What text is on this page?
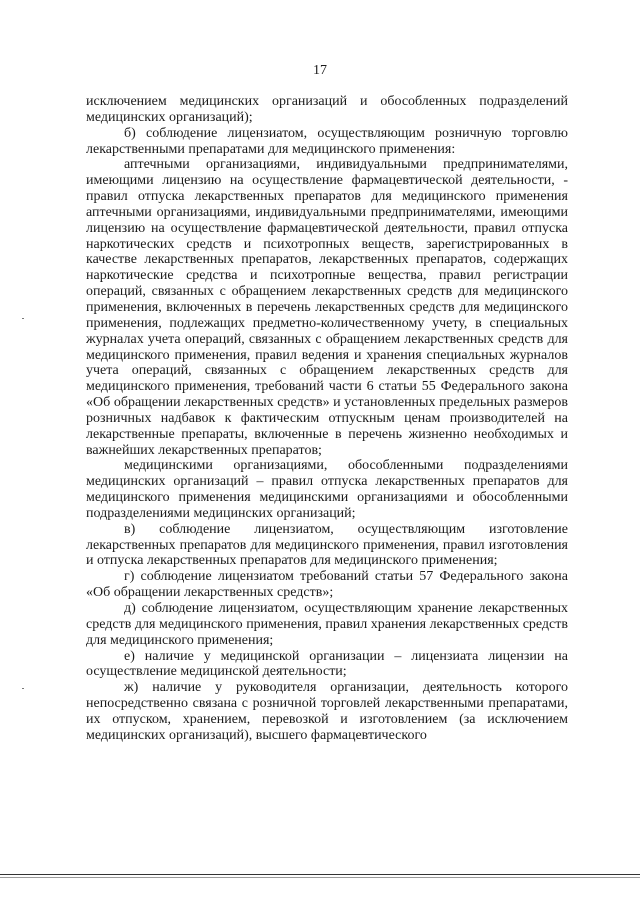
17

исключением медицинских организаций и обособленных подразделений медицинских организаций);

б) соблюдение лицензиатом, осуществляющим розничную торговлю лекарственными препаратами для медицинского применения:

аптечными организациями, индивидуальными предпринимателями, имеющими лицензию на осуществление фармацевтической деятельности, - правил отпуска лекарственных препаратов для медицинского применения аптечными организациями, индивидуальными предпринимателями, имеющими лицензию на осуществление фармацевтической деятельности, правил отпуска наркотических средств и психотропных веществ, зарегистрированных в качестве лекарственных препаратов, лекарственных препаратов, содержащих наркотические средства и психотропные вещества, правил регистрации операций, связанных с обращением лекарственных средств для медицинского применения, включенных в перечень лекарственных средств для медицинского применения, подлежащих предметно-количественному учету, в специальных журналах учета операций, связанных с обращением лекарственных средств для медицинского применения, правил ведения и хранения специальных журналов учета операций, связанных с обращением лекарственных средств для медицинского применения, требований части 6 статьи 55 Федерального закона «Об обращении лекарственных средств» и установленных предельных размеров розничных надбавок к фактическим отпускным ценам производителей на лекарственные препараты, включенные в перечень жизненно необходимых и важнейших лекарственных препаратов;

медицинскими организациями, обособленными подразделениями медицинских организаций – правил отпуска лекарственных препаратов для медицинского применения медицинскими организациями и обособленными подразделениями медицинских организаций;

в) соблюдение лицензиатом, осуществляющим изготовление лекарственных препаратов для медицинского применения, правил изготовления и отпуска лекарственных препаратов для медицинского применения;

г) соблюдение лицензиатом требований статьи 57 Федерального закона «Об обращении лекарственных средств»;

д) соблюдение лицензиатом, осуществляющим хранение лекарственных средств для медицинского применения, правил хранения лекарственных средств для медицинского применения;

е) наличие у медицинской организации – лицензиата лицензии на осуществление медицинской деятельности;

ж) наличие у руководителя организации, деятельность которого непосредственно связана с розничной торговлей лекарственными препаратами, их отпуском, хранением, перевозкой и изготовлением (за исключением медицинских организаций), высшего фармацевтического
